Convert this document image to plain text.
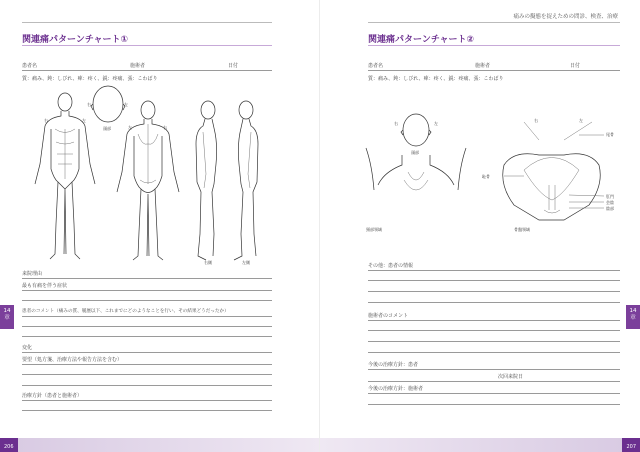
関連痛パターンチャート①
患者名	施術者	日付
質：痛み、鈍：しびれ、痺：疼く、鋭：疼痛、張：こわばり
右	左
右	左
頭部	左	右
右側	左側
来院理由
最も有痛を伴う症状
患者のコメント（痛みの質、履歴以下、これまでにどのようなことを行い、その結果どうだったか）
変化
要望（処方箋、治療方法や報告方法を含む）
治療方針（患者と施術者）
14
章
206
痛みの擬態を捉えための問診、検査、治療
関連痛パターンチャート②
患者名	施術者	日付
質：痛み、鈍：しびれ、痺：疼く、鋭：疼痛、張：こわばり
右	左
頭部
頸部領域
右	左
尾骨
恥骨
肛門
会陰
陰部
骨盤領域
その他：患者の情報
施術者のコメント
今後の治療方針：患者
次回来院日
今後の治療方針：施術者
14
章
207
